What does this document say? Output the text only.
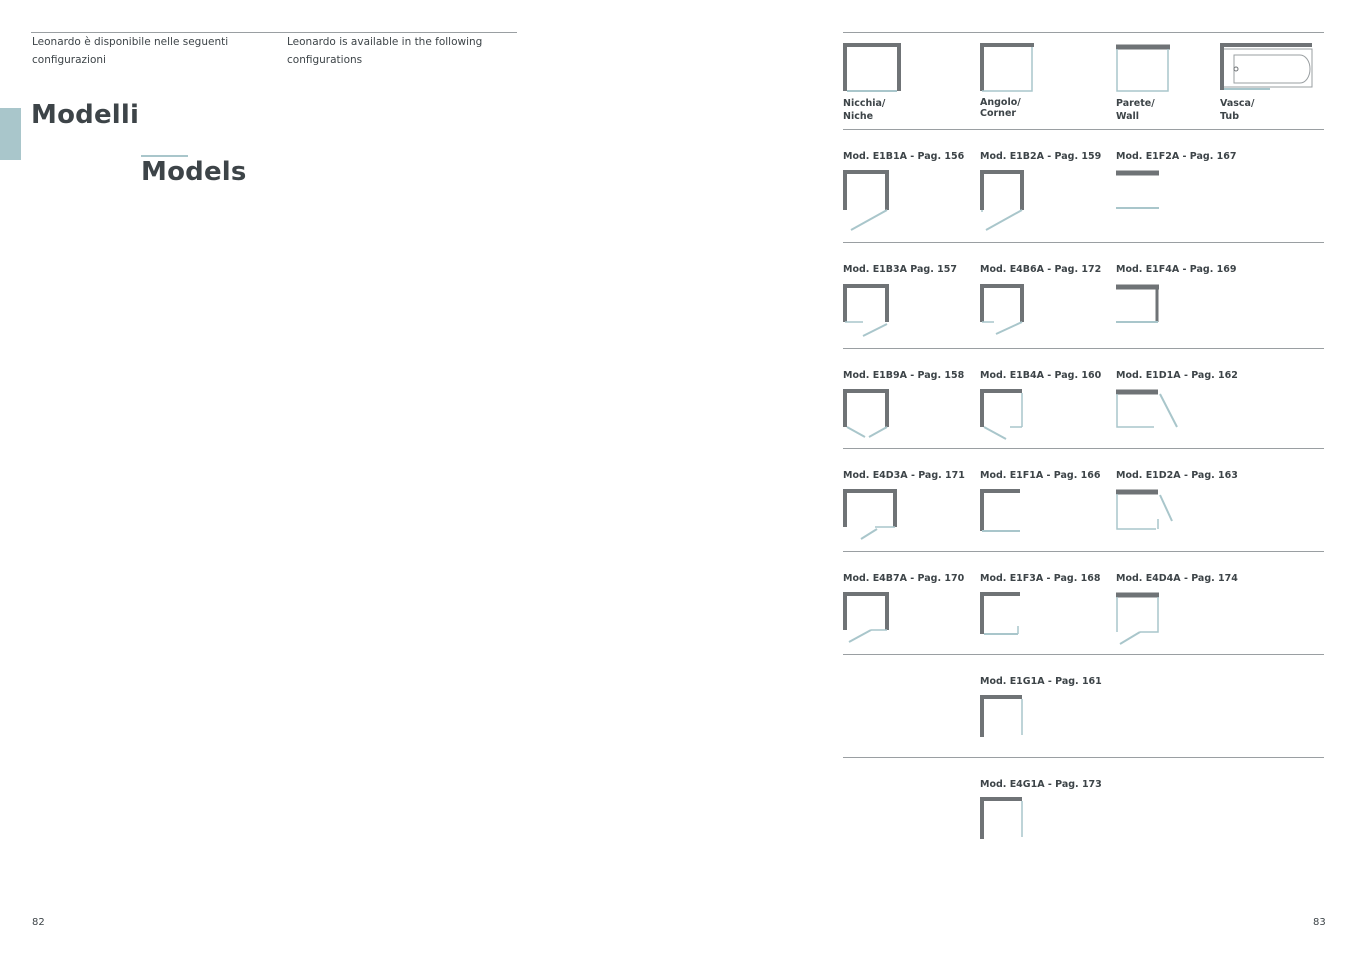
Leonardo è disponibile nelle seguenti configurazioni
Leonardo is available in the following configurations
Modelli
Models
82
Nicchia/
Niche
Angolo/
Corner
Parete/
Wall
Vasca/
Tub
Mod. E1B1A - Pag. 156 Mod. E1B2A - Pag. 159 Mod. E1F2A - Pag. 167
Mod. E1B3A Pag. 157 Mod. E4B6A - Pag. 172 Mod. E1F4A - Pag. 169
Mod. E1B9A - Pag. 158 Mod. E1B4A - Pag. 160 Mod. E1D1A - Pag. 162
Mod. E4D3A - Pag. 171 Mod. E1F1A - Pag. 166 Mod. E1D2A - Pag. 163
Mod. E4B7A - Pag. 170 Mod. E1F3A - Pag. 168 Mod. E4D4A - Pag. 174
Mod. E1G1A - Pag. 161
Mod. E4G1A - Pag. 173
83
